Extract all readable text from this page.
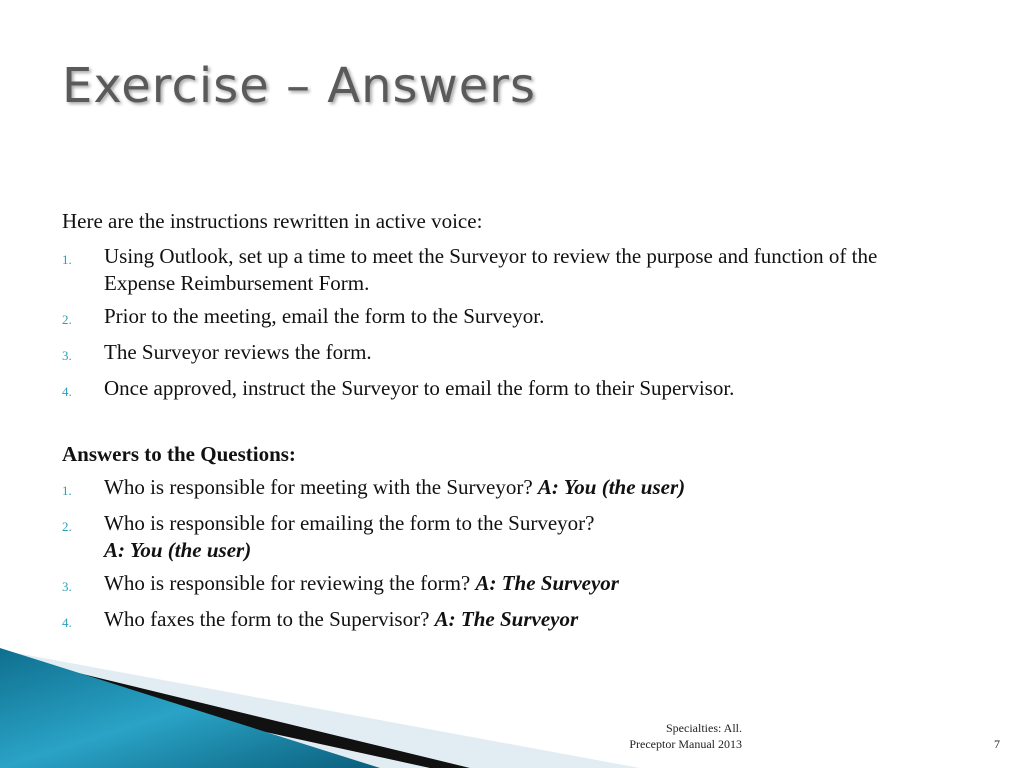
Exercise – Answers

Here are the instructions rewritten in active voice:

1.	Using Outlook, set up a time to meet the Surveyor to review the purpose and function of the Expense Reimbursement Form.
2.	Prior to the meeting, email the form to the Surveyor.
3.	The Surveyor reviews the form.
4.	Once approved, instruct the Surveyor to email the form to their Supervisor.

Answers to the Questions:

1.	Who is responsible for meeting with the Surveyor? A: You (the user)
2.	Who is responsible for emailing the form to the Surveyor?
A: You (the user)
3.	Who is responsible for reviewing the form? A: The Surveyor
4.	Who faxes the form to the Supervisor? A: The Surveyor
Specialties: All.
Preceptor Manual 2013	7
